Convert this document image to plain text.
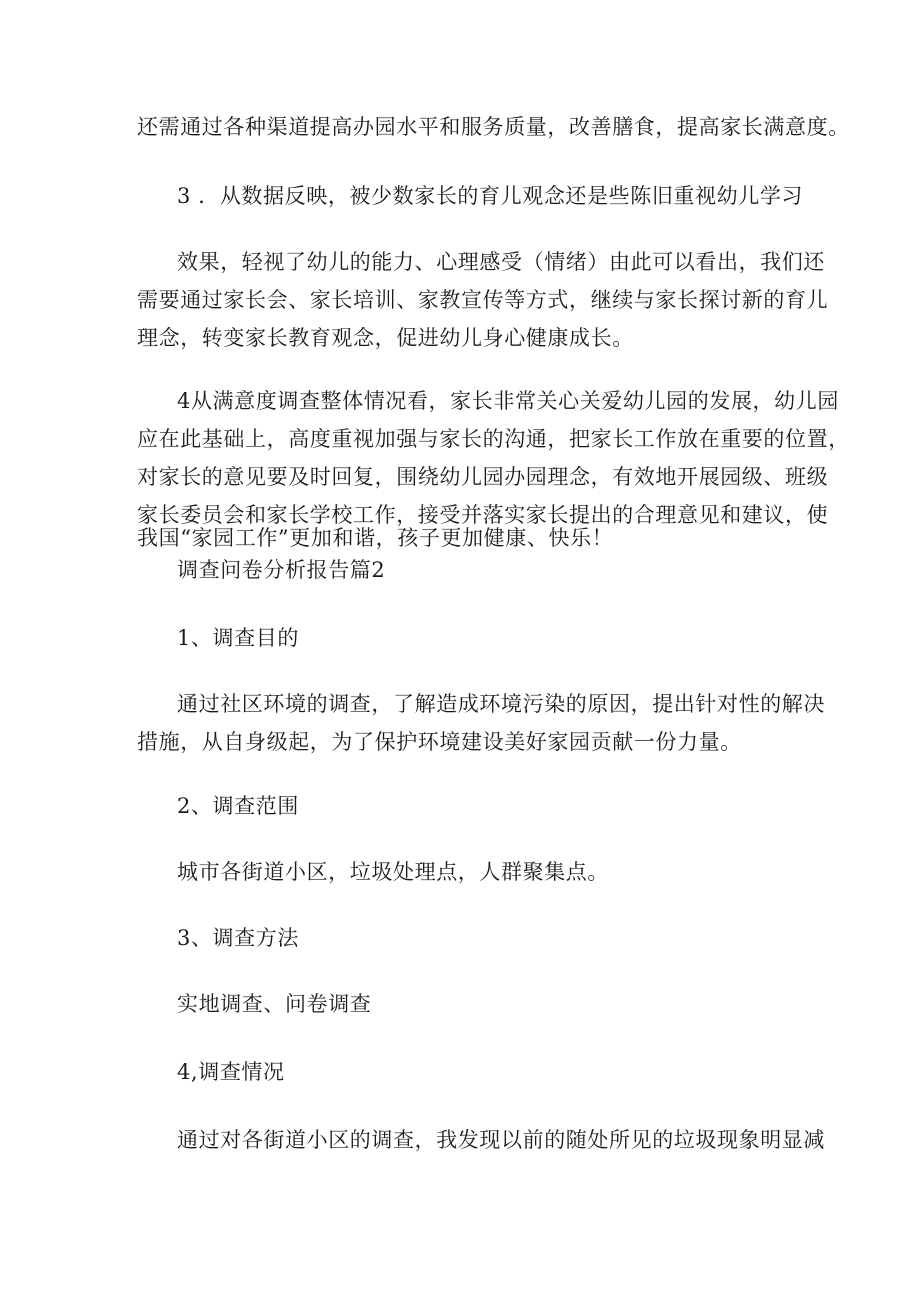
还需通过各种渠道提高办园水平和服务质量，改善膳食，提高家长满意度。
3 ．从数据反映，被少数家长的育儿观念还是些陈旧重视幼儿学习
效果，轻视了幼儿的能力、心理感受（情绪）由此可以看出，我们还
需要通过家长会、家长培训、家教宣传等方式，继续与家长探讨新的育儿
理念，转变家长教育观念，促进幼儿身心健康成长。
4从满意度调查整体情况看，家长非常关心关爱幼儿园的发展，幼儿园
应在此基础上，高度重视加强与家长的沟通，把家长工作放在重要的位置，
对家长的意见要及时回复，围绕幼儿园办园理念，有效地开展园级、班级
家长委员会和家长学校工作，接受并落实家长提出的合理意见和建议，使
我国“家园工作”更加和谐，孩子更加健康、快乐！
调查问卷分析报告篇2
1、调查目的
通过社区环境的调查，了解造成环境污染的原因，提出针对性的解决
措施，从自身级起，为了保护环境建设美好家园贡献一份力量。
2、调查范围
城市各街道小区，垃圾处理点，人群聚集点。
3、调查方法
实地调查、问卷调查
4,调查情况
通过对各街道小区的调查，我发现以前的随处所见的垃圾现象明显减
